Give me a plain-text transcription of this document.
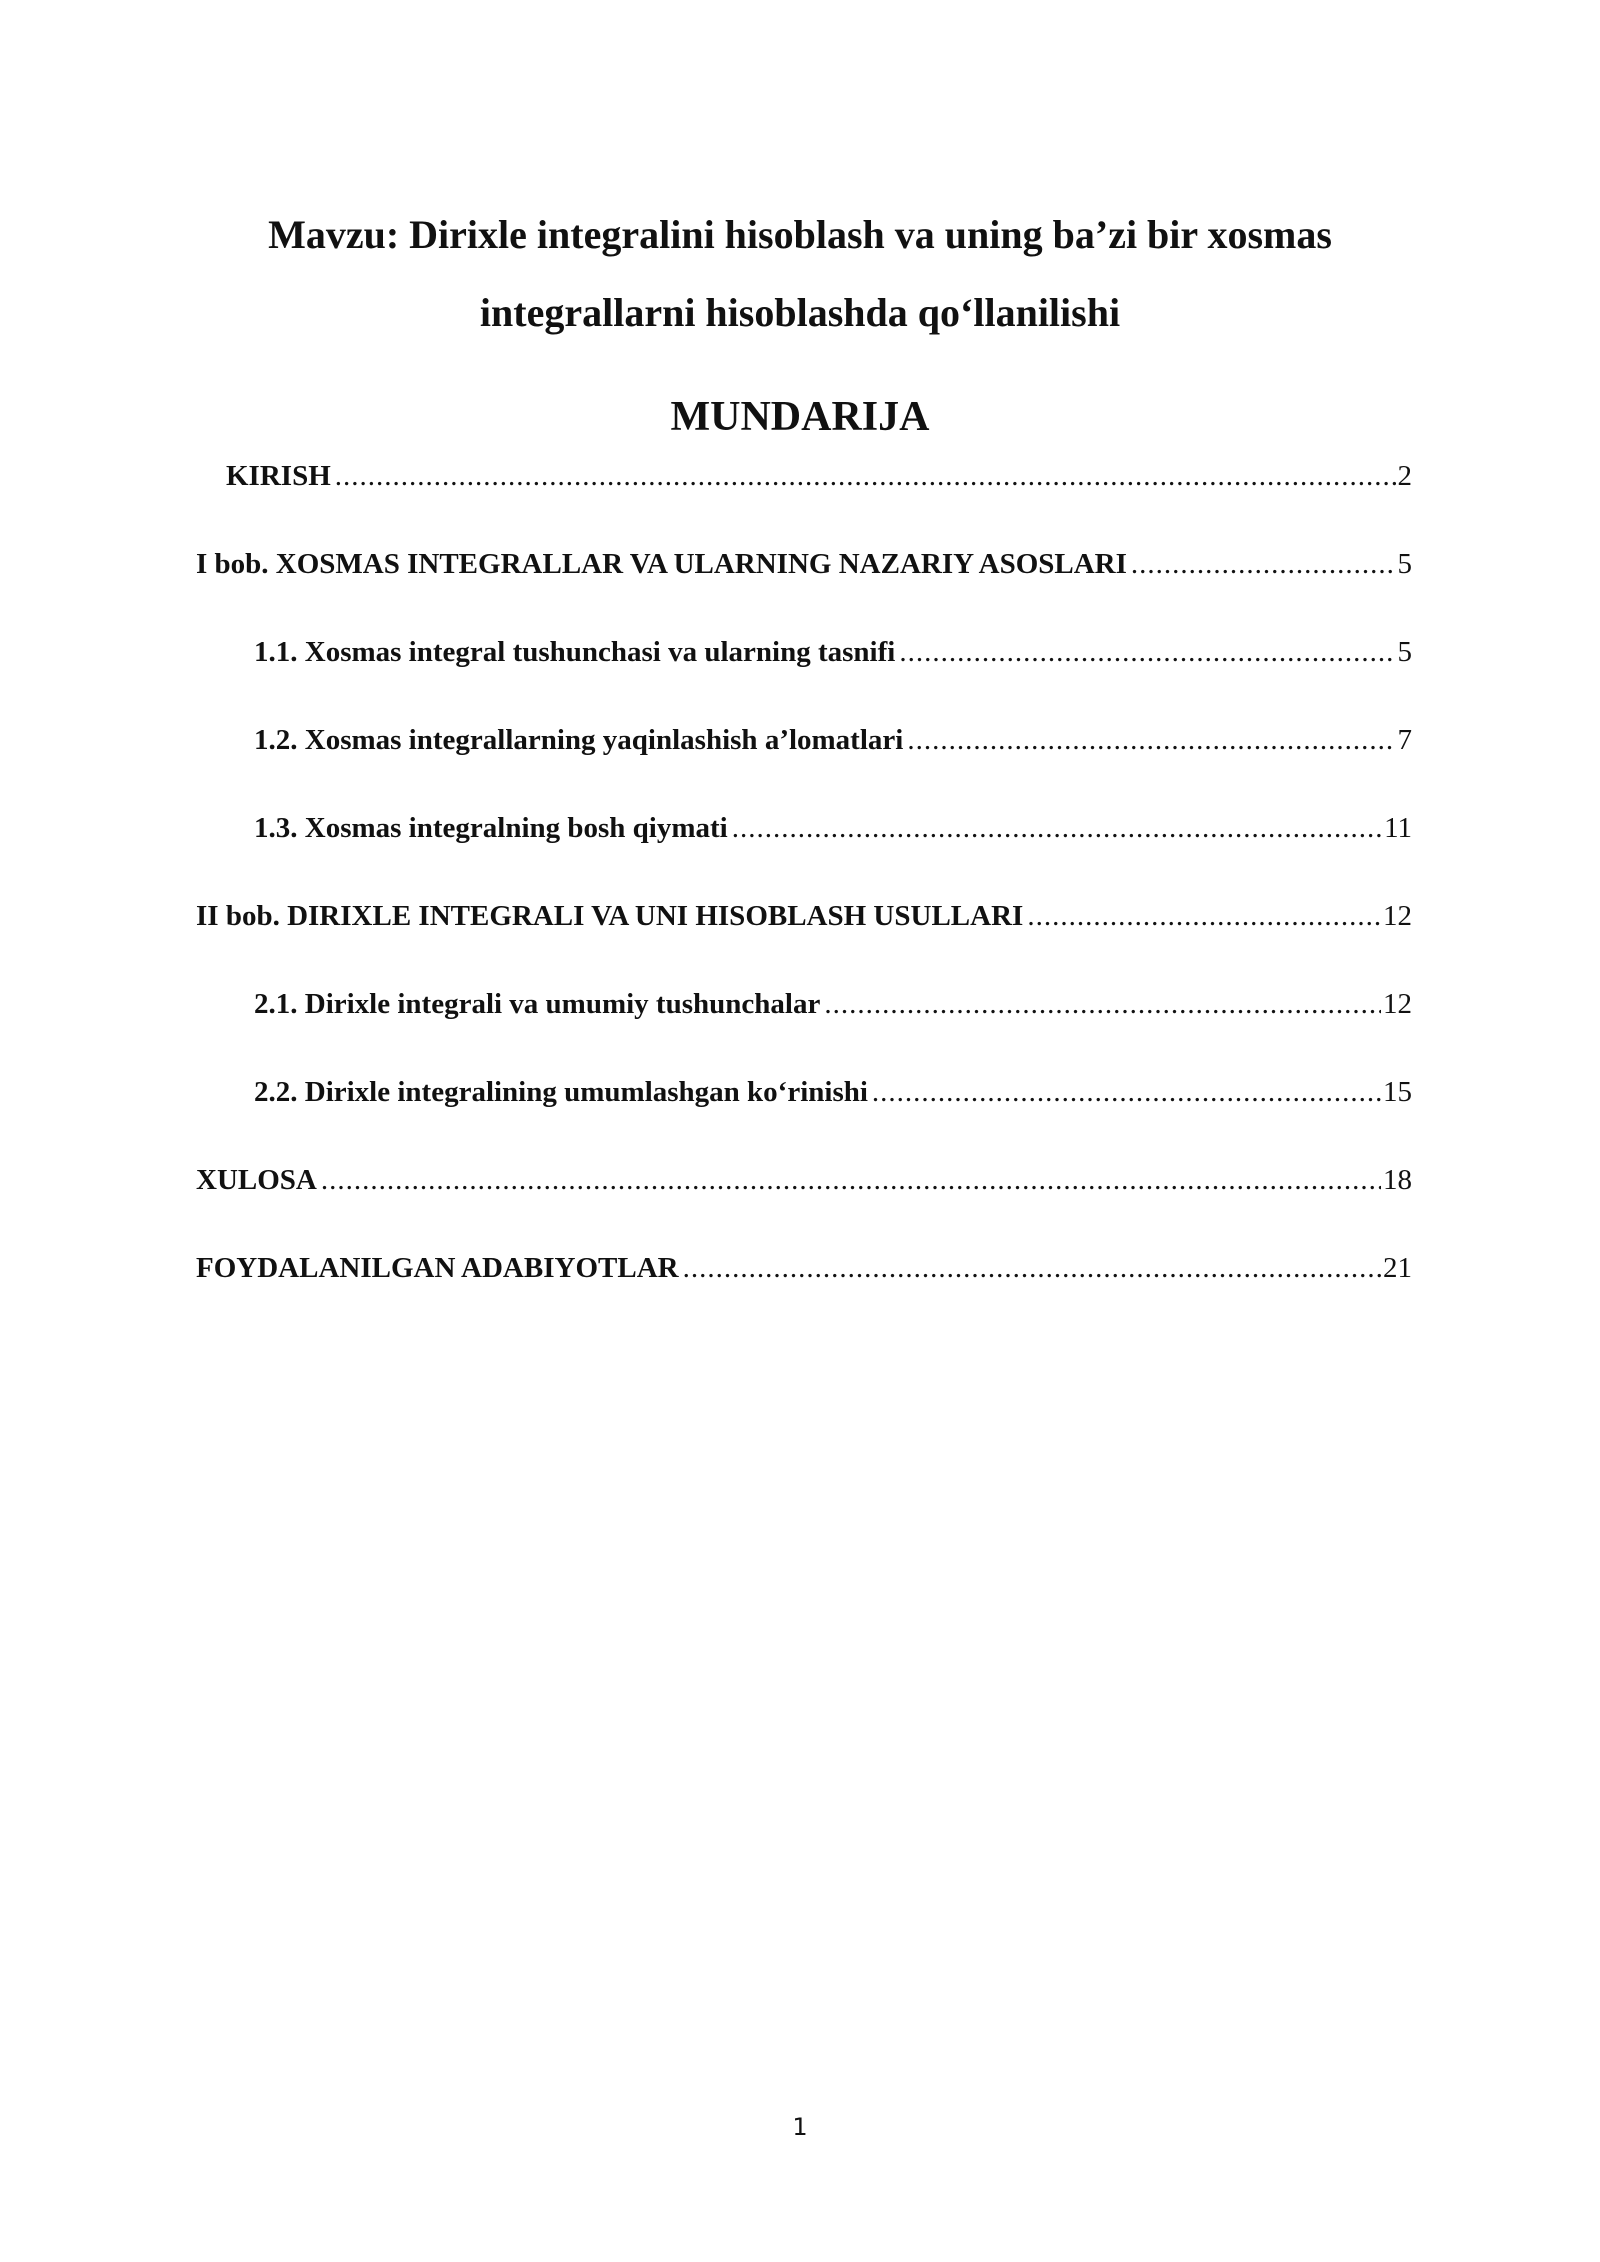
Mavzu: Dirixle integralini hisoblash va uning ba’zi bir xosmas
integrallarni hisoblashda qo‘llanilishi
MUNDARIJA
KIRISH .....	2
I bob. XOSMAS INTEGRALLAR VA ULARNING NAZARIY ASOSLARI .....	5
1.1. Xosmas integral tushunchasi va ularning tasnifi .....	5
1.2. Xosmas integrallarning yaqinlashish a’lomatlari .....	7
1.3. Xosmas integralning bosh qiymati .....	11
II bob. DIRIXLE INTEGRALI VA UNI HISOBLASH USULLARI .....	12
2.1. Dirixle integrali va umumiy tushunchalar .....	12
2.2. Dirixle integralining umumlashgan ko‘rinishi .....	15
XULOSA .....	18
FOYDALANILGAN ADABIYOTLAR .....	21
1
